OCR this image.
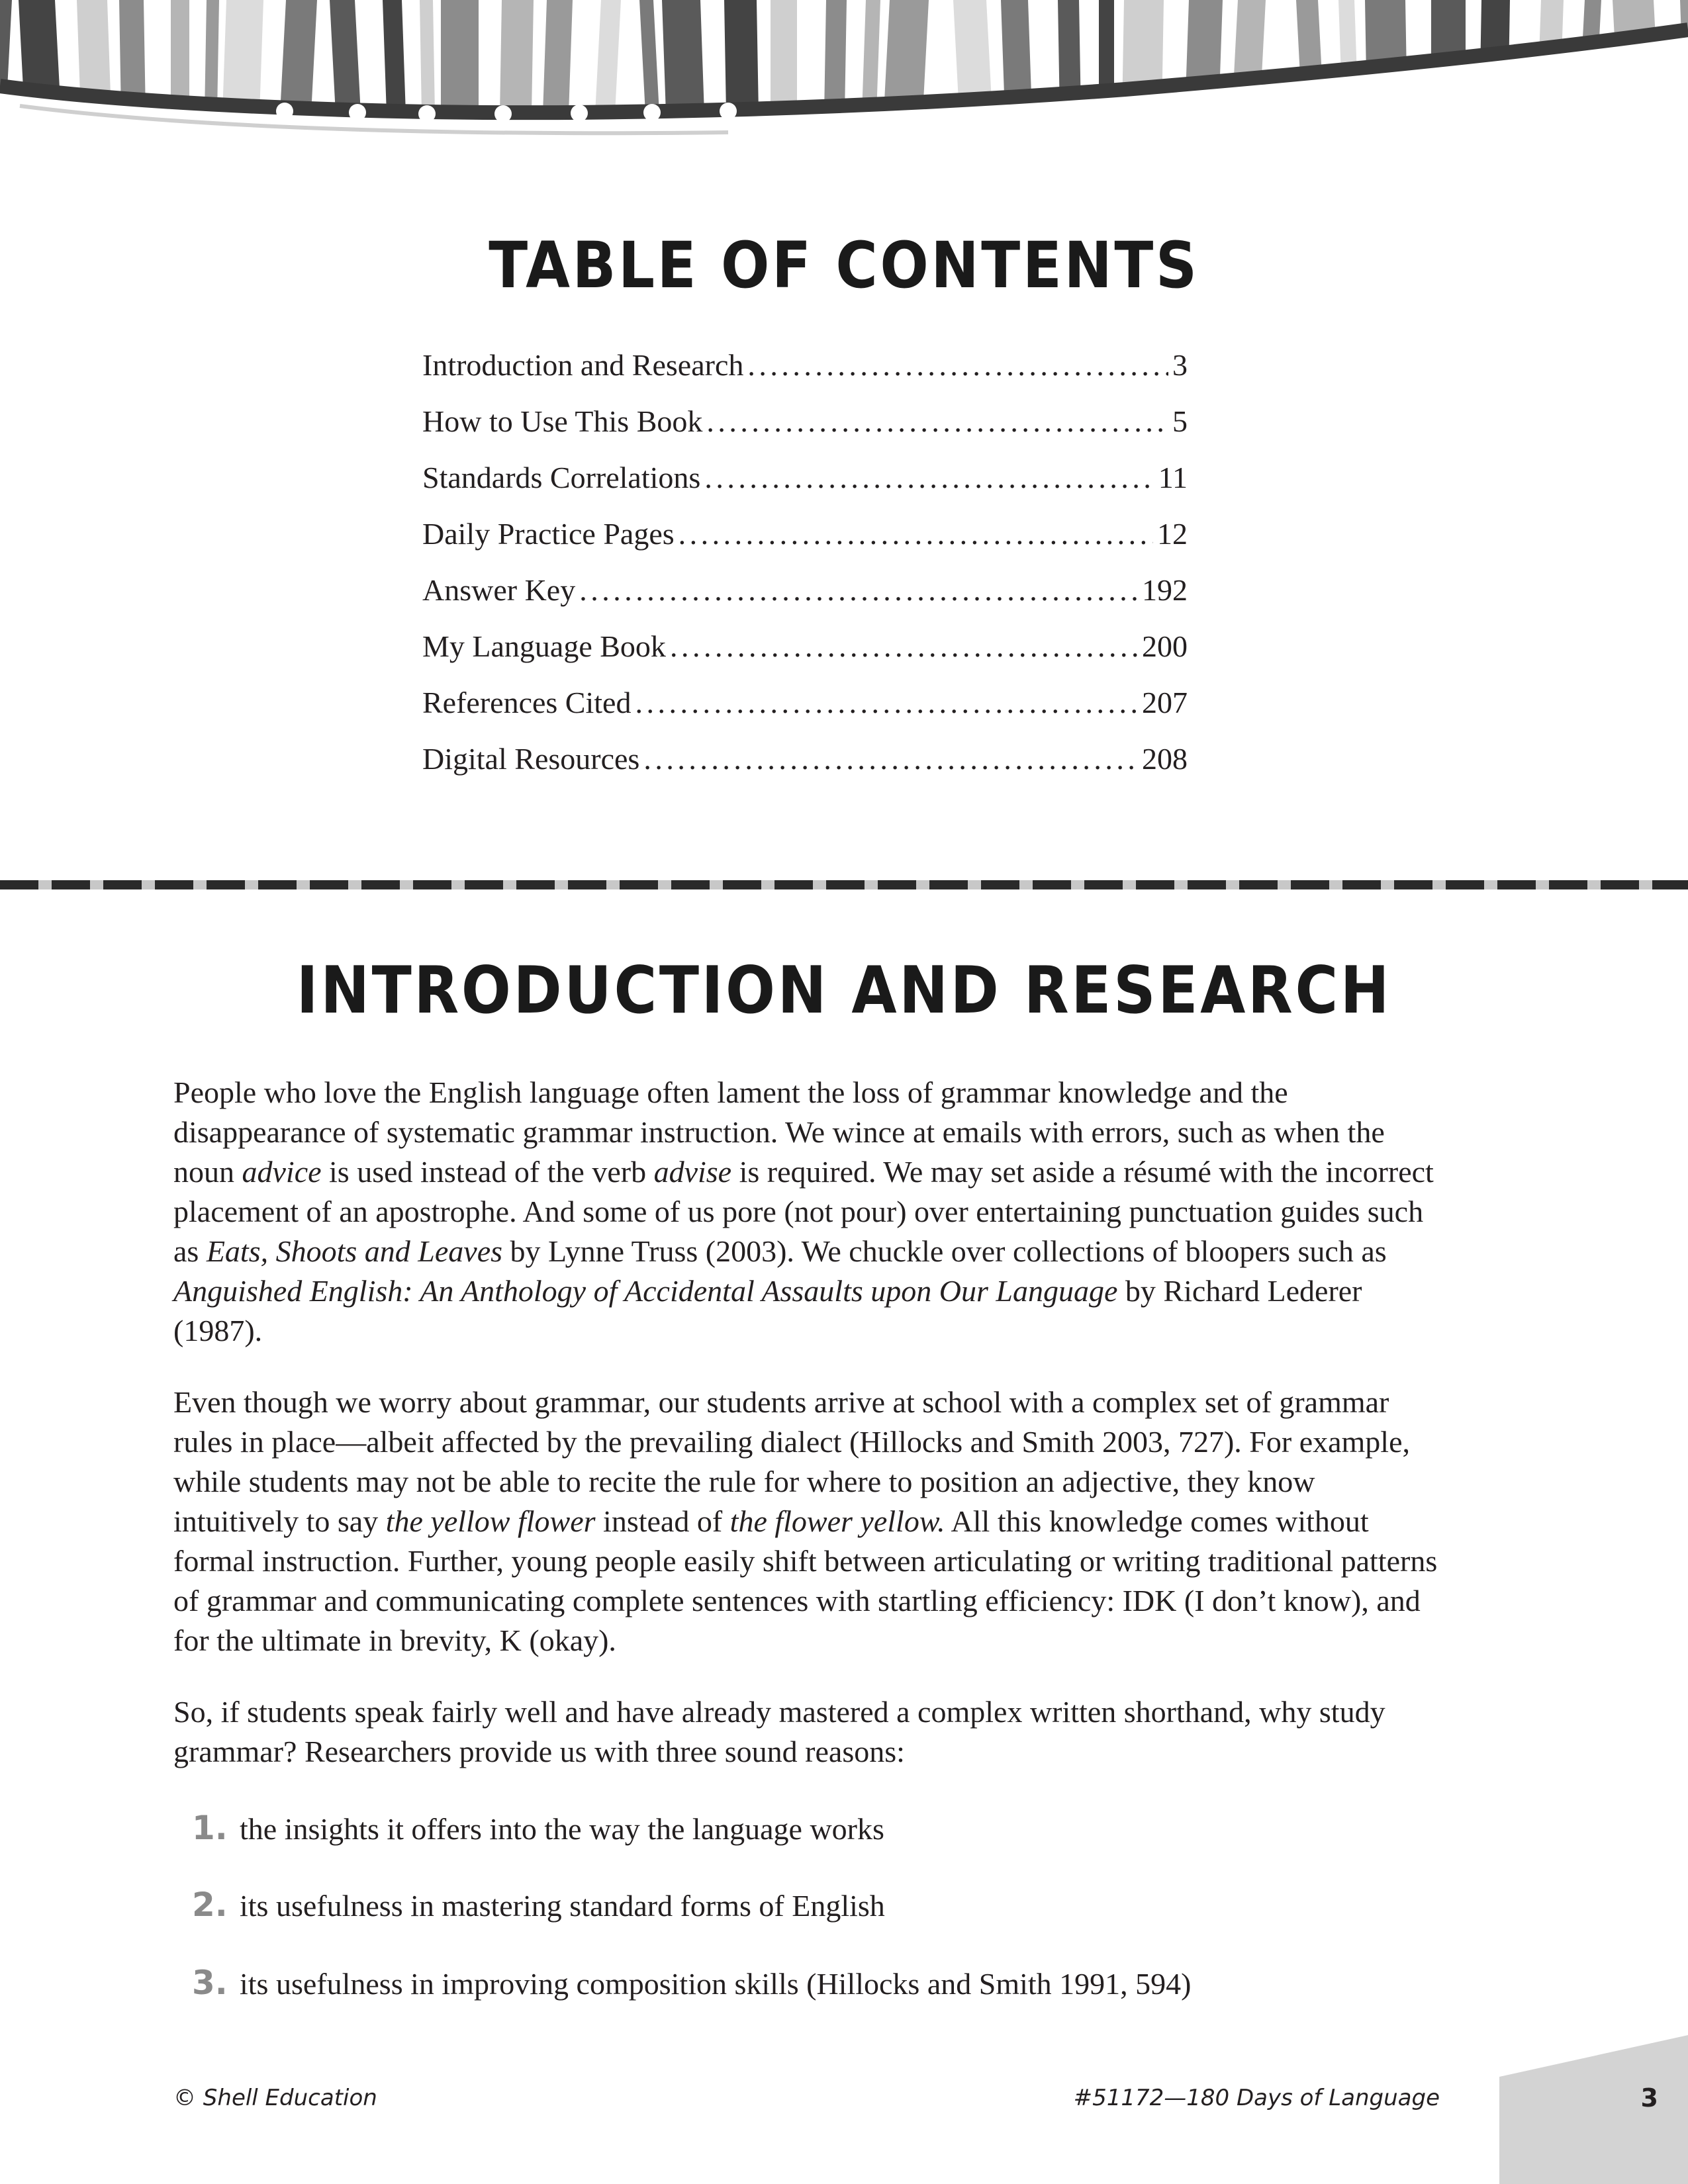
TABLE OF CONTENTS
Introduction and Research . . .	3
How to Use This Book . . .	5
Standards Correlations . . .	11
Daily Practice Pages . . .	12
Answer Key . . .	192
My Language Book . . .	200
References Cited . . .	207
Digital Resources . . .	208
INTRODUCTION AND RESEARCH

People who love the English language often lament the loss of grammar knowledge and the disappearance of systematic grammar instruction. We wince at emails with errors, such as when the noun advice is used instead of the verb advise is required. We may set aside a résumé with the incorrect placement of an apostrophe. And some of us pore (not pour) over entertaining punctuation guides such as Eats, Shoots and Leaves by Lynne Truss (2003). We chuckle over collections of bloopers such as Anguished English: An Anthology of Accidental Assaults upon Our Language by Richard Lederer (1987).

Even though we worry about grammar, our students arrive at school with a complex set of grammar rules in place—albeit affected by the prevailing dialect (Hillocks and Smith 2003, 727). For example, while students may not be able to recite the rule for where to position an adjective, they know intuitively to say the yellow flower instead of the flower yellow. All this knowledge comes without formal instruction. Further, young people easily shift between articulating or writing traditional patterns of grammar and communicating complete sentences with startling efficiency: IDK (I don’t know), and for the ultimate in brevity, K (okay).

So, if students speak fairly well and have already mastered a complex written shorthand, why study grammar? Researchers provide us with three sound reasons:

1. the insights it offers into the way the language works
2. its usefulness in mastering standard forms of English
3. its usefulness in improving composition skills (Hillocks and Smith 1991, 594)
© Shell Education	#51172—180 Days of Language	3
